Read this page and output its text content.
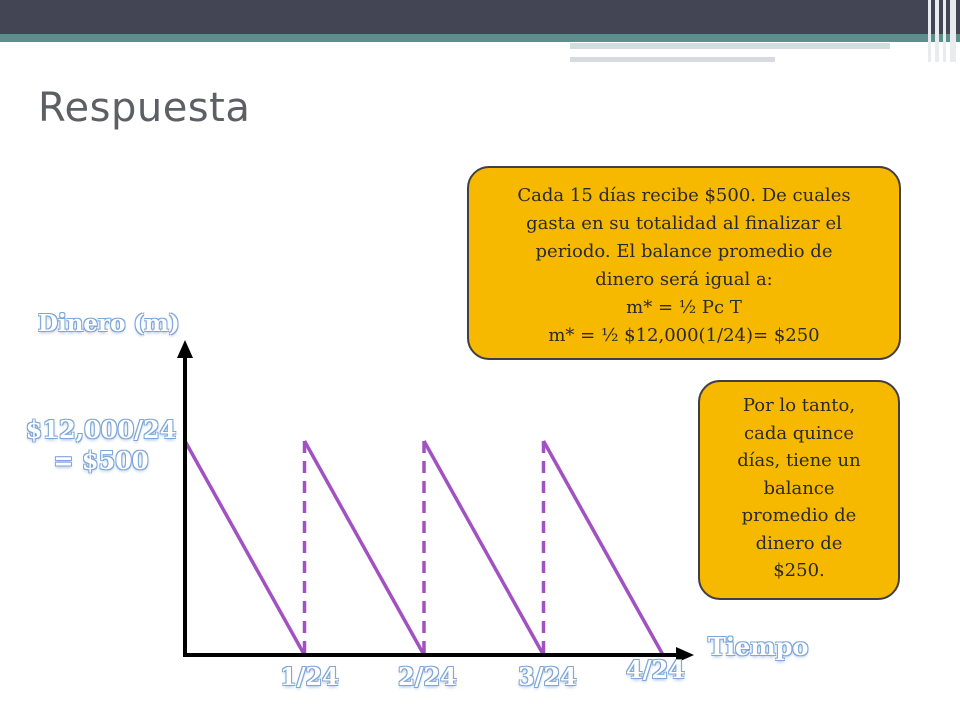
Respuesta
Cada 15 días recibe $500. De cuales
gasta en su totalidad al finalizar el
periodo. El balance promedio de
dinero será igual a:
m* = ½ Pc T
m* = ½ $12,000(1/24)= $250
Por lo tanto,
cada quince
días, tiene un
balance
promedio de
dinero de
$250.
Dinero (m)
$12,000/24
= $500
Tiempo
1/24 2/24	3/24 4/24
